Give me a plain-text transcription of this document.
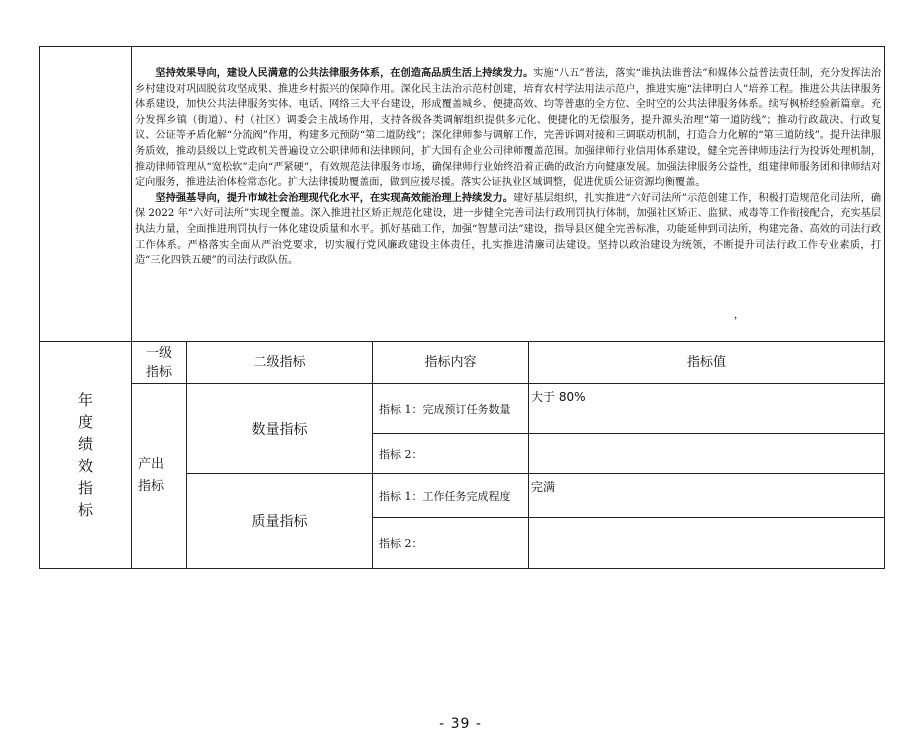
	坚持效果导向，建设人民满意的公共法律服务体系，在创造高品质生活上持续发力。实施“八五”普法，落实“谁执法谁普法”和媒体公益普法责任制，充分发挥法治乡村建设对巩固脱贫攻坚成果、推进乡村振兴的保障作用。深化民主法治示范村创建，培育农村学法用法示范户，推进实施“法律明白人”培养工程。推进公共法律服务体系建设，加快公共法律服务实体、电话、网络三大平台建设，形成覆盖城乡、便捷高效、均等普惠的全方位、全时空的公共法律服务体系。续写枫桥经验新篇章。充分发挥乡镇（街道）、村（社区）调委会主战场作用，支持各级各类调解组织提供多元化、便捷化的无偿服务，提升源头治理“第一道防线”；推动行政裁决、行政复议、公证等矛盾化解“分流阀”作用，构建多元预防“第二道防线”；深化律师参与调解工作，完善诉调对接和三调联动机制，打造合力化解的“第三道防线”。提升法律服务质效，推动县级以上党政机关普遍设立公职律师和法律顾问，扩大国有企业公司律师覆盖范围。加强律师行业信用体系建设，健全完善律师违法行为投诉处理机制，推动律师管理从“宽松软”走向“严紧硬”，有效规范法律服务市场，确保律师行业始终沿着正确的政治方向健康发展。加强法律服务公益性，组建律师服务团和律师结对定向服务，推进法治体检常态化。扩大法律援助覆盖面，做到应援尽援。落实公证执业区域调整，促进优质公证资源均衡覆盖。

坚持强基导向，提升市域社会治理现代化水平，在实现高效能治理上持续发力。建好基层组织，扎实推进“六好司法所”示范创建工作，积极打造规范化司法所，确保 2022 年“六好司法所”实现全覆盖。深入推进社区矫正规范化建设，进一步健全完善司法行政刑罚执行体制，加强社区矫正、监狱、戒毒等工作衔接配合，充实基层执法力量，全面推进刑罚执行一体化建设质量和水平。抓好基础工作，加强“智慧司法”建设，指导县区健全完善标准，功能延伸到司法所，构建完备、高效的司法行政工作体系。严格落实全面从严治党要求，切实履行党风廉政建设主体责任，扎实推进清廉司法建设。坚持以政治建设为统领，不断提升司法行政工作专业素质，打造“三化四铁五硬”的司法行政队伍。

，			

年度绩效指标	一级指标	二级指标	指标内容	指标值

	产出指标	数量指标	指标 1：完成预订任务数量	大于 80%
			指标 2：	
		质量指标	指标 1：工作任务完成程度	完满
			指标 2：	
- 39 -
